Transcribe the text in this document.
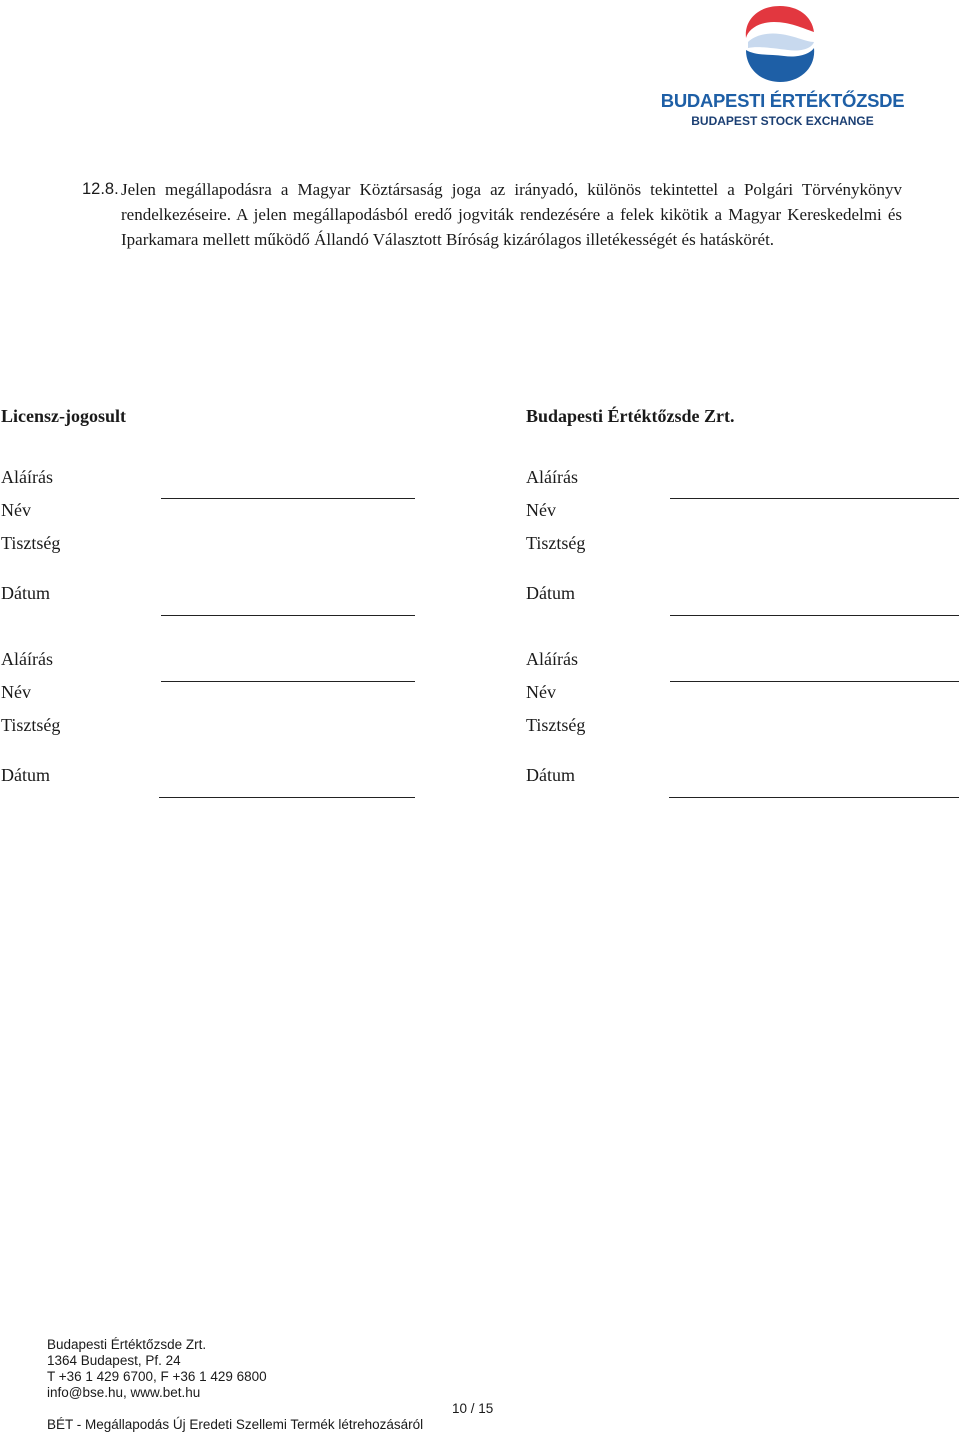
BUDAPESTI ÉRTÉKTŐZSDE
BUDAPEST STOCK EXCHANGE
12.8. Jelen megállapodásra a Magyar Köztársaság joga az irányadó, különös tekintettel a Polgári Törvénykönyv rendelkezéseire. A jelen megállapodásból eredő jogviták rendezésére a felek kikötik a Magyar Kereskedelmi és Iparkamara mellett működő Állandó Választott Bíróság kizárólagos illetékességét és hatáskörét.
Licensz-jogosult	Budapesti Értéktőzsde Zrt.
Aláírás
Név
Tisztség
Dátum
Aláírás
Név
Tisztség
Dátum
Aláírás
Név
Tisztség
Dátum
Aláírás
Név
Tisztség
Dátum
Budapesti Értéktőzsde Zrt.
1364 Budapest, Pf. 24
T +36 1 429 6700, F +36 1 429 6800
info@bse.hu, www.bet.hu
10 / 15
BÉT - Megállapodás Új Eredeti Szellemi Termék létrehozásáról
